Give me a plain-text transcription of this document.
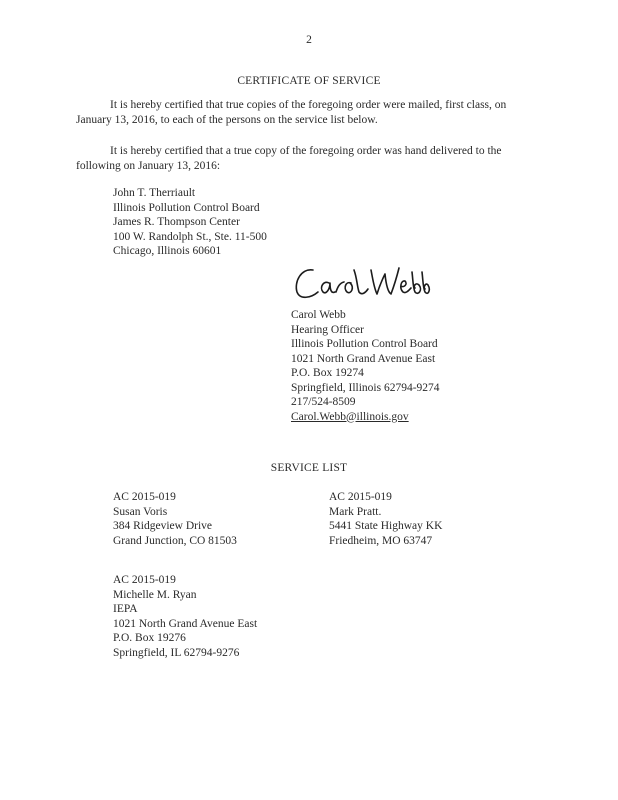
2
CERTIFICATE OF SERVICE
It is hereby certified that true copies of the foregoing order were mailed, first class, on January 13, 2016, to each of the persons on the service list below.
It is hereby certified that a true copy of the foregoing order was hand delivered to the following on January 13, 2016:
John T. Therriault
Illinois Pollution Control Board
James R. Thompson Center
100 W. Randolph St., Ste. 11-500
Chicago, Illinois 60601
Carol Webb
Hearing Officer
Illinois Pollution Control Board
1021 North Grand Avenue East
P.O. Box 19274
Springfield, Illinois 62794-9274
217/524-8509
Carol.Webb@illinois.gov
SERVICE LIST
AC 2015-019
Susan Voris
384 Ridgeview Drive
Grand Junction, CO 81503
AC 2015-019
Mark Pratt.
5441 State Highway KK
Friedheim, MO 63747
AC 2015-019
Michelle M. Ryan
IEPA
1021 North Grand Avenue East
P.O. Box 19276
Springfield, IL 62794-9276
